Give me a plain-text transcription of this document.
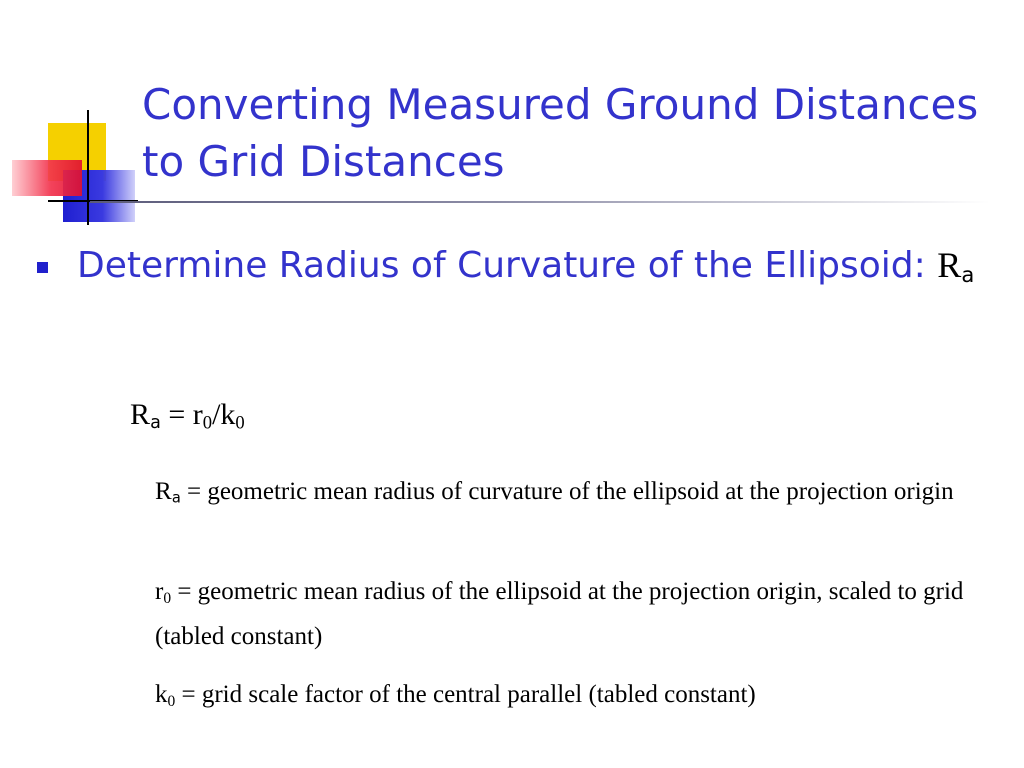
Converting Measured Ground Distances to Grid Distances
Determine Radius of Curvature of the Ellipsoid: Ra
$Ra = r_0/k_0$
Ra = geometric mean radius of curvature of the ellipsoid at the projection origin
$r_0$ = geometric mean radius of the ellipsoid at the projection origin, scaled to grid (tabled constant)
$k_0$ = grid scale factor of the central parallel (tabled constant)
